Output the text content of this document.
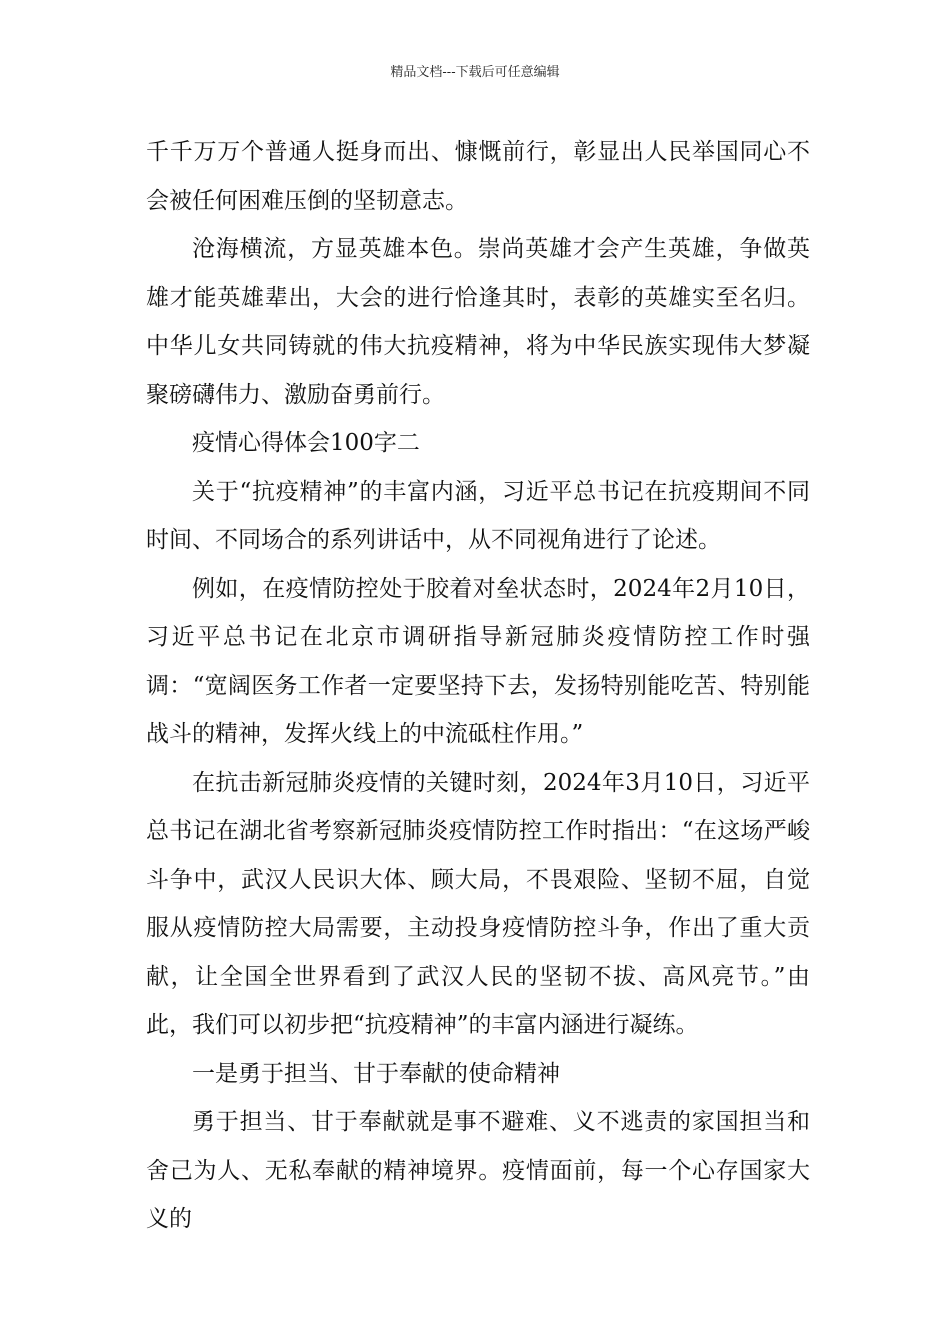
精品文档---下载后可任意编辑

千千万万个普通人挺身而出、慷慨前行，彰显出人民举国同心不会被任何困难压倒的坚韧意志。

沧海横流，方显英雄本色。崇尚英雄才会产生英雄，争做英雄才能英雄辈出，大会的进行恰逢其时，表彰的英雄实至名归。中华儿女共同铸就的伟大抗疫精神，将为中华民族实现伟大梦凝聚磅礴伟力、激励奋勇前行。

疫情心得体会100字二

关于“抗疫精神”的丰富内涵，习近平总书记在抗疫期间不同时间、不同场合的系列讲话中，从不同视角进行了论述。

例如，在疫情防控处于胶着对垒状态时，2024年2月10日，习近平总书记在北京市调研指导新冠肺炎疫情防控工作时强调：“宽阔医务工作者一定要坚持下去，发扬特别能吃苦、特别能战斗的精神，发挥火线上的中流砥柱作用。”

在抗击新冠肺炎疫情的关键时刻，2024年3月10日，习近平总书记在湖北省考察新冠肺炎疫情防控工作时指出：“在这场严峻斗争中，武汉人民识大体、顾大局，不畏艰险、坚韧不屈，自觉服从疫情防控大局需要，主动投身疫情防控斗争，作出了重大贡献，让全国全世界看到了武汉人民的坚韧不拔、高风亮节。”由此，我们可以初步把“抗疫精神”的丰富内涵进行凝练。

一是勇于担当、甘于奉献的使命精神

勇于担当、甘于奉献就是事不避难、义不逃责的家国担当和舍己为人、无私奉献的精神境界。疫情面前，每一个心存国家大义的
